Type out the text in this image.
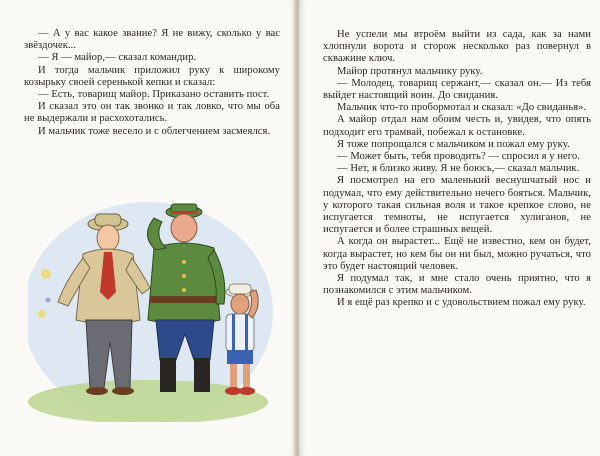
— А у вас какое звание? Я не вижу, сколько у вас звёздочек...

— Я — майор,— сказал командир.

И тогда мальчик приложил руку к широкому козырьку своей серенькой кепки и сказал:

— Есть, товарищ майор. Приказано оставить пост.

И сказал это он так звонко и так ловко, что мы оба не выдержали и расхохотались.

И мальчик тоже весело и с облегчением засмеялся.

Не успели мы втроём выйти из сада, как за нами хлопнули ворота и сторож несколько раз повернул в скважине ключ.

Майор протянул мальчику руку.

— Молодец, товарищ сержант,— сказал он.— Из тебя выйдет настоящий воин. До свидания.

Мальчик что-то пробормотал и сказал: «До свиданья».

А майор отдал нам обоим честь и, увидев, что опять подходит его трамвай, побежал к остановке.

Я тоже попрощался с мальчиком и пожал ему руку.

— Может быть, тебя проводить? — спросил я у него.

— Нет, я близко живу. Я не боюсь,— сказал мальчик.

Я посмотрел на его маленький веснушчатый нос и подумал, что ему действительно нечего бояться. Мальчик, у которого такая сильная воля и такое крепкое слово, не испугается темноты, не испугается хулиганов, не испугается и более страшных вещей.

А когда он вырастет... Ещё не известно, кем он будет, когда вырастет, но кем бы он ни был, можно ручаться, что это будет настоящий человек.

Я подумал так, и мне стало очень приятно, что я познакомился с этим мальчиком.

И я ещё раз крепко и с удовольствием пожал ему руку.
